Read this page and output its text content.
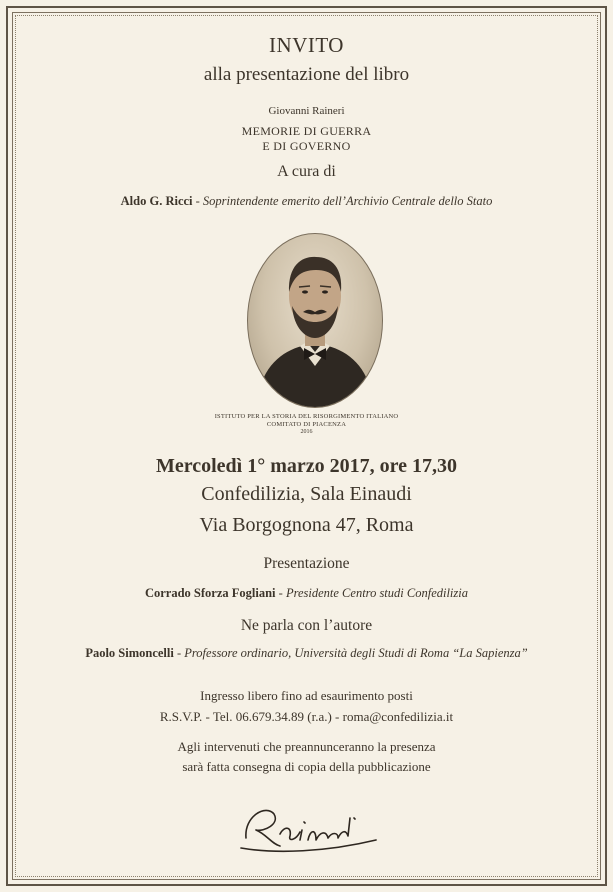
INVITO
alla presentazione del libro
Giovanni Raineri
MEMORIE DI GUERRA
E DI GOVERNO
A cura di
Aldo G. Ricci - Soprintendente emerito dell’Archivio Centrale dello Stato
ISTITUTO PER LA STORIA DEL RISORGIMENTO ITALIANO
COMITATO DI PIACENZA
2016
Mercoledì 1° marzo 2017, ore 17,30
Confedilizia, Sala Einaudi
Via Borgognona 47, Roma
Presentazione
Corrado Sforza Fogliani - Presidente Centro studi Confedilizia
Ne parla con l’autore
Paolo Simoncelli - Professore ordinario, Università degli Studi di Roma “La Sapienza”
Ingresso libero fino ad esaurimento posti
R.S.V.P. - Tel. 06.679.34.89 (r.a.) - roma@confedilizia.it
Agli intervenuti che preannunceranno la presenza
sarà fatta consegna di copia della pubblicazione
